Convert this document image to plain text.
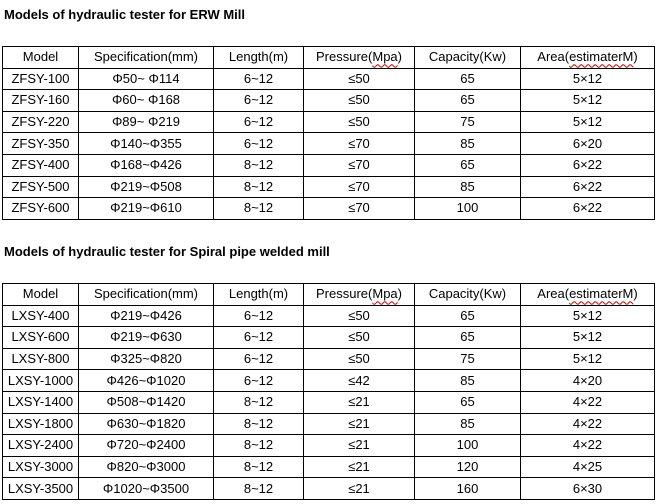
Models of hydraulic tester for ERW Mill
Model	Specification(mm)	Length(m)	Pressure(Mpa)	Capacity(Kw)	Area(estimaterM)
ZFSY-100	Φ50~ Φ114	6~12	≤50	65	5×12
ZFSY-160	Φ60~ Φ168	6~12	≤50	65	5×12
ZFSY-220	Φ89~ Φ219	6~12	≤50	75	5×12
ZFSY-350	Φ140~Φ355	6~12	≤70	85	6×20
ZFSY-400	Φ168~Φ426	8~12	≤70	65	6×22
ZFSY-500	Φ219~Φ508	8~12	≤70	85	6×22
ZFSY-600	Φ219~Φ610	8~12	≤70	100	6×22
Models of hydraulic tester for Spiral pipe welded mill
Model	Specification(mm)	Length(m)	Pressure(Mpa)	Capacity(Kw)	Area(estimaterM)
LXSY-400	Φ219~Φ426	6~12	≤50	65	5×12
LXSY-600	Φ219~Φ630	6~12	≤50	65	5×12
LXSY-800	Φ325~Φ820	6~12	≤50	75	5×12
LXSY-1000	Φ426~Φ1020	6~12	≤42	85	4×20
LXSY-1400	Φ508~Φ1420	8~12	≤21	65	4×22
LXSY-1800	Φ630~Φ1820	8~12	≤21	85	4×22
LXSY-2400	Φ720~Φ2400	8~12	≤21	100	4×22
LXSY-3000	Φ820~Φ3000	8~12	≤21	120	4×25
LXSY-3500	Φ1020~Φ3500	8~12	≤21	160	6×30
